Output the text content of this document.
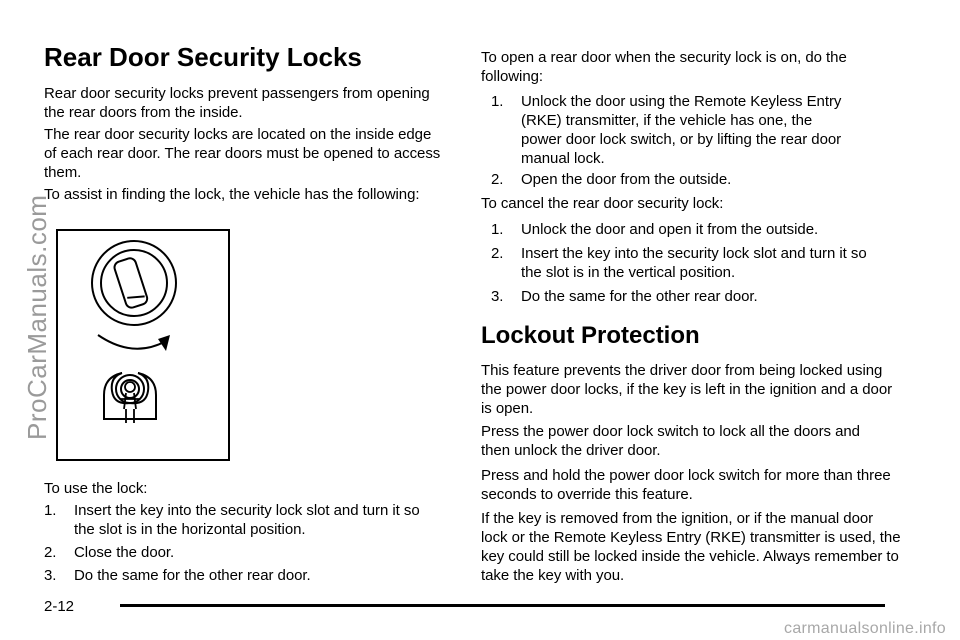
Rear Door Security Locks

Rear door security locks prevent passengers from opening the rear doors from the inside.

The rear door security locks are located on the inside edge of each rear door. The rear doors must be opened to access them.

To assist in finding the lock, the vehicle has the following:

To use the lock:

1.	Insert the key into the security lock slot and turn it so the slot is in the horizontal position.
2.	Close the door.
3.	Do the same for the other rear door.

To open a rear door when the security lock is on, do the following:

1.	Unlock the door using the Remote Keyless Entry (RKE) transmitter, if the vehicle has one, the power door lock switch, or by lifting the rear door manual lock.
2.	Open the door from the outside.

To cancel the rear door security lock:

1.	Unlock the door and open it from the outside.
2.	Insert the key into the security lock slot and turn it so the slot is in the vertical position.
3.	Do the same for the other rear door.
Lockout Protection

This feature prevents the driver door from being locked using the power door locks, if the key is left in the ignition and a door is open.

Press the power door lock switch to lock all the doors and then unlock the driver door.

Press and hold the power door lock switch for more than three seconds to override this feature.

If the key is removed from the ignition, or if the manual door lock or the Remote Keyless Entry (RKE) transmitter is used, the key could still be locked inside the vehicle. Always remember to take the key with you.

ProCarManuals.com
2-12
carmanualsonline.info
